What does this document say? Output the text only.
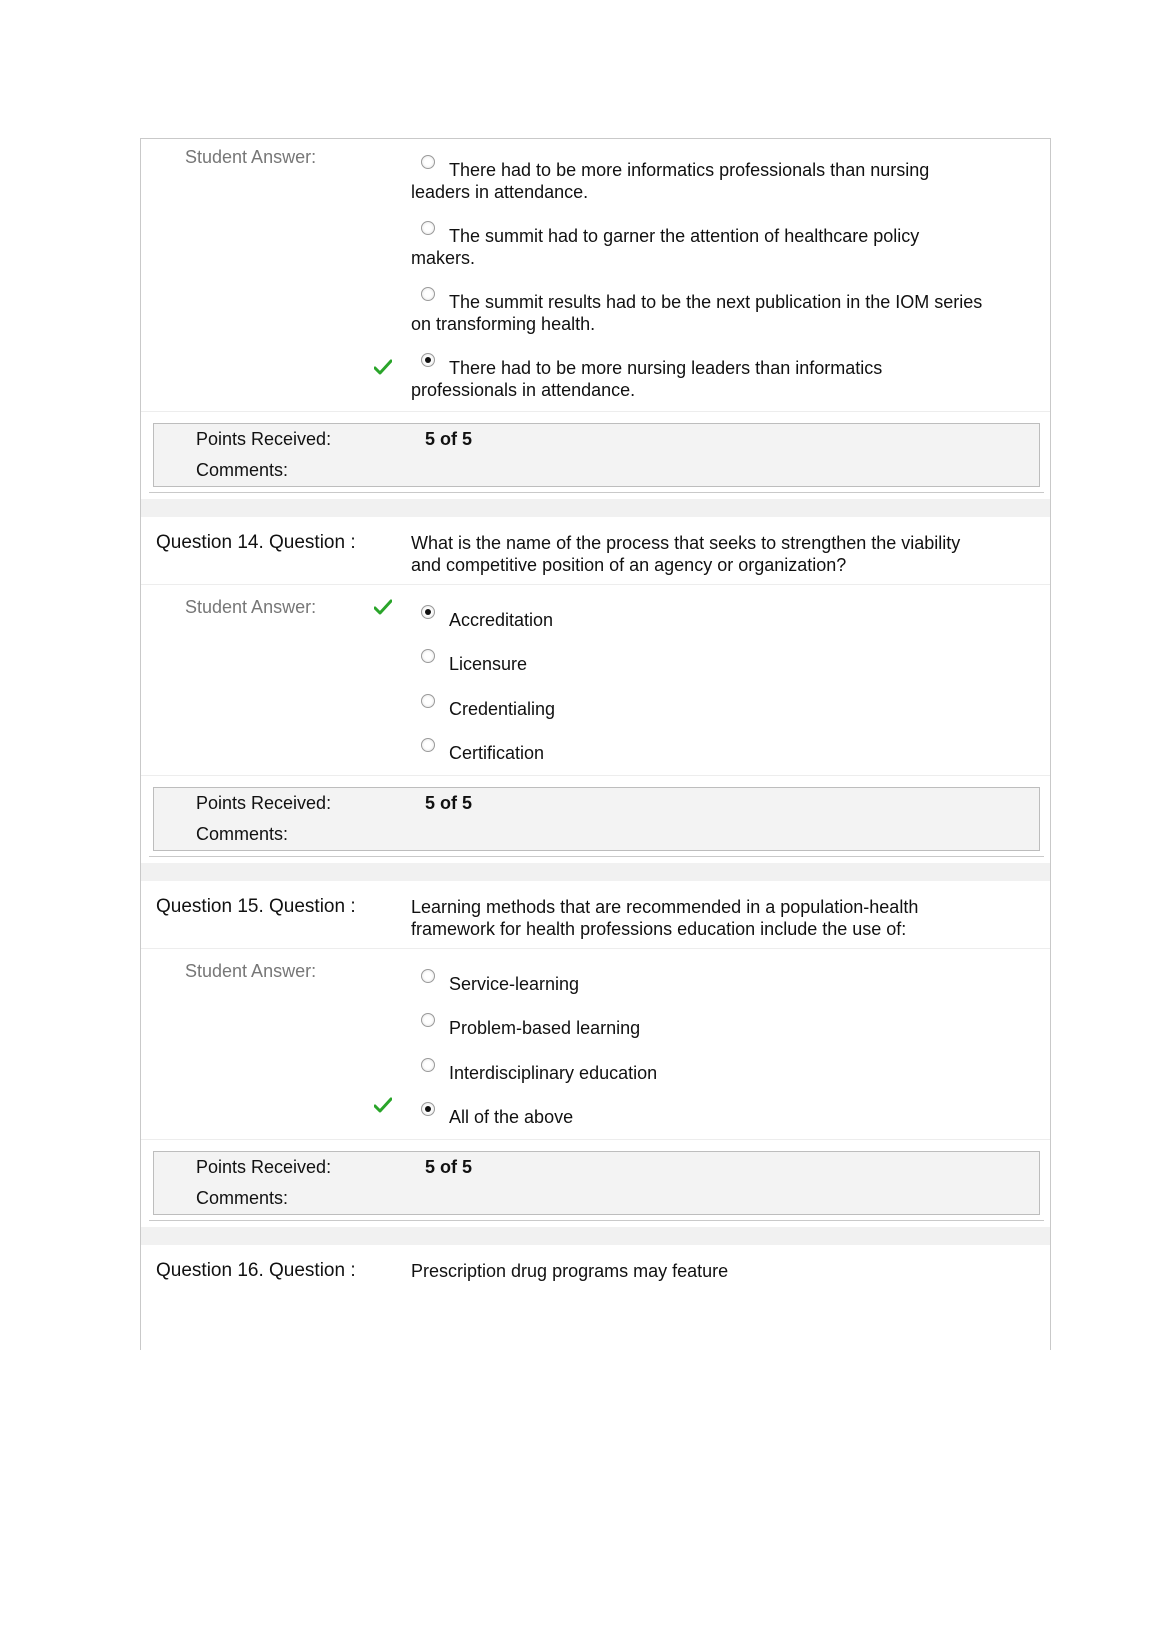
Student Answer:
There had to be more informatics professionals than nursing
leaders in attendance.
The summit had to garner the attention of healthcare policy
makers.
The summit results had to be the next publication in the IOM series
on transforming health.
There had to be more nursing leaders than informatics
professionals in attendance.
Points Received:	5 of 5
Comments:
Question 14. Question :	What is the name of the process that seeks to strengthen the viability
and competitive position of an agency or organization?
Student Answer:
Accreditation
Licensure
Credentialing
Certification
Points Received:	5 of 5
Comments:
Question 15. Question :	Learning methods that are recommended in a population-health
framework for health professions education include the use of:
Student Answer:
Service-learning
Problem-based learning
Interdisciplinary education
All of the above
Points Received:	5 of 5
Comments:
Question 16. Question :	Prescription drug programs may feature
